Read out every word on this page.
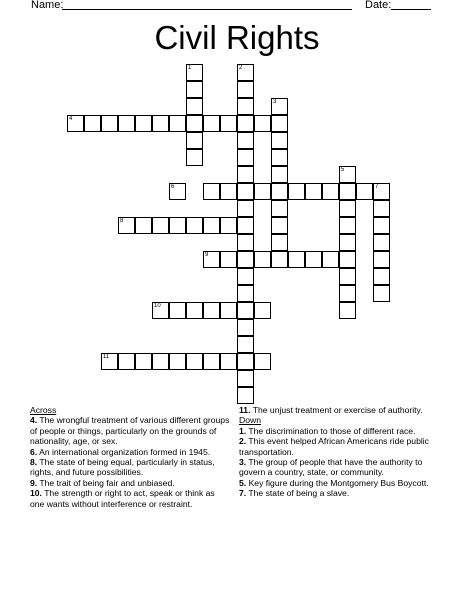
Name:	Date:
Civil Rights
1	2
3
4
5
6	7
8
9
10
11
Across

4. The wrongful treatment of various different groups of people or things, particularly on the grounds of nationality, age, or sex.

6. An international organization formed in 1945.

8. The state of being equal, particularly in status, rights, and future possibilities.

9. The trait of being fair and unbiased.

10. The strength or right to act, speak or think as one wants without interference or restraint.

11. The unjust treatment or exercise of authority.

Down

1. The discrimination to those of different race.

2. This event helped African Americans ride public transportation.

3. The group of people that have the authority to govern a country, state, or community.

5. Key figure during the Montgomery Bus Boycott.

7. The state of being a slave.
